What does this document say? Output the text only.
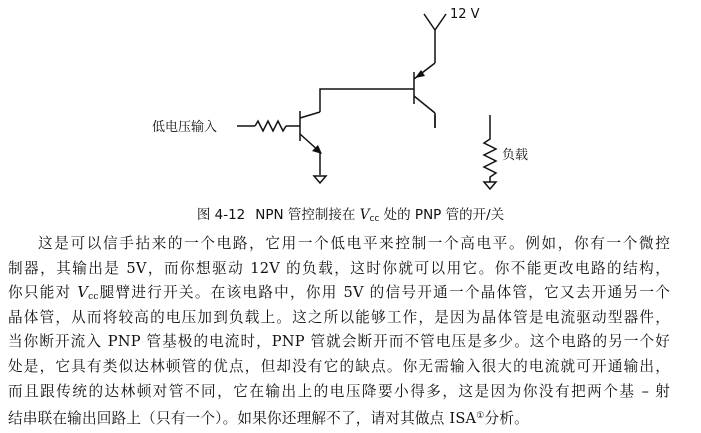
12 V
低电压输入
负载
图 4-12 NPN 管控制接在 $V_{cc}$ 处的 PNP 管的开/关
这是可以信手拈来的一个电路，它用一个低电平来控制一个高电平。例如，你有一个微控
制器，其输出是 5V，而你想驱动 12V 的负载，这时你就可以用它。你不能更改电路的结构，
你只能对 $V_{cc}$腿臂进行开关。在该电路中，你用 5V 的信号开通一个晶体管，它又去开通另一个
晶体管，从而将较高的电压加到负载上。这之所以能够工作，是因为晶体管是电流驱动型器件，
当你断开流入 PNP 管基极的电流时，PNP 管就会断开而不管电压是多少。这个电路的另一个好
处是，它具有类似达林顿管的优点，但却没有它的缺点。你无需输入很大的电流就可开通输出，
而且跟传统的达林顿对管不同，它在输出上的电压降要小得多，这是因为你没有把两个基 – 射
结串联在输出回路上（只有一个）。如果你还理解不了，请对其做点 ISA①分析。
